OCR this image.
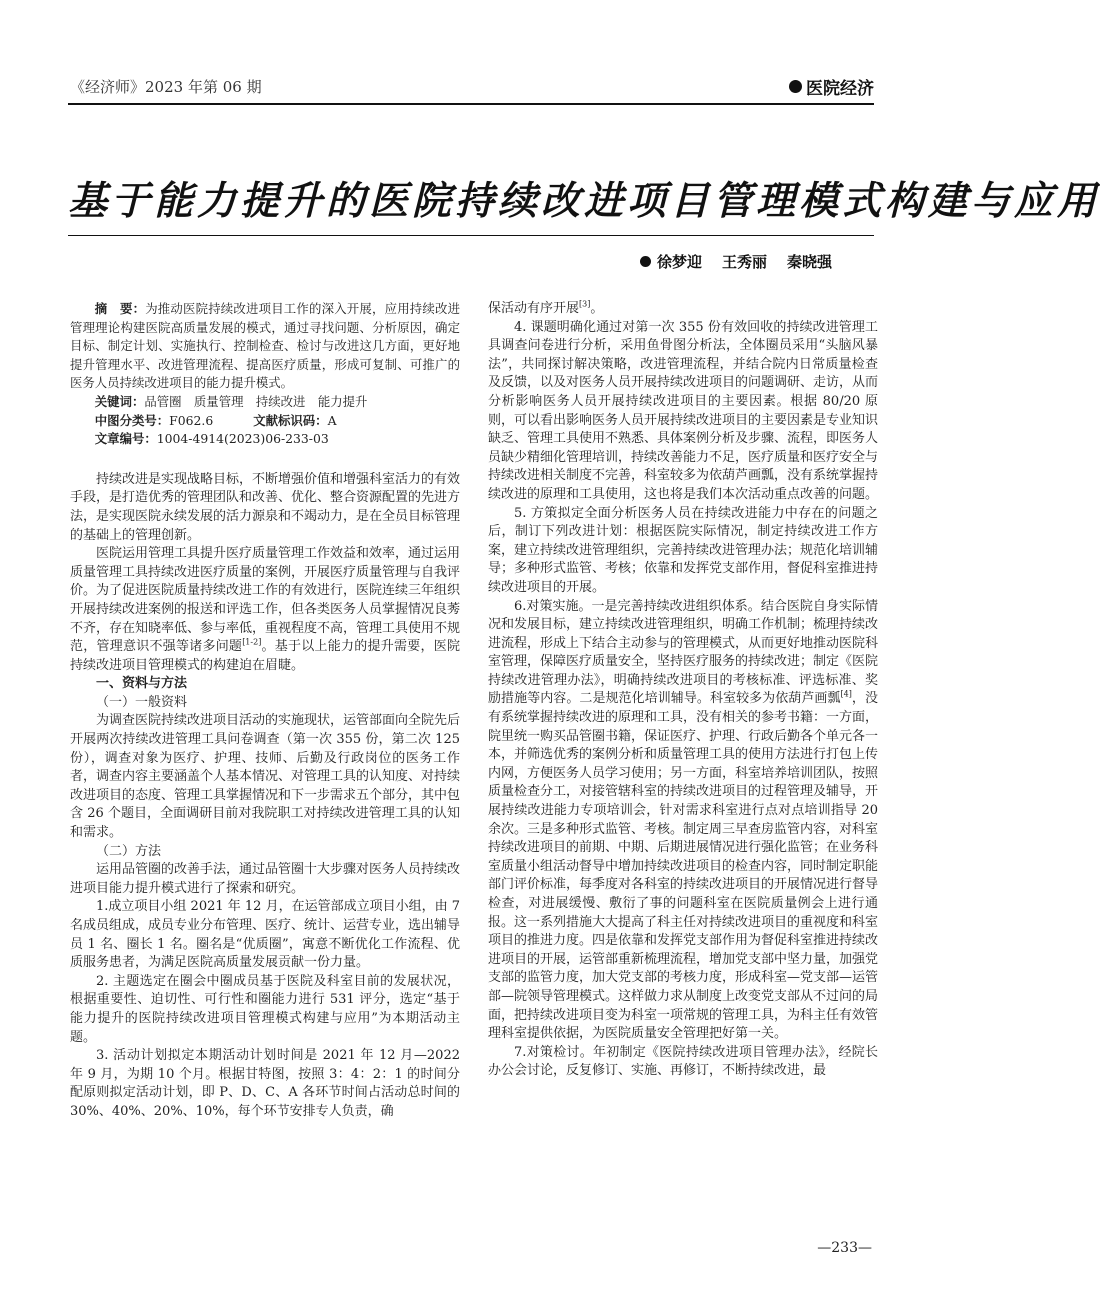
《经济师》2023 年第 06 期	医院经济
基于能力提升的医院持续改进项目管理模式构建与应用
徐梦迎 王秀丽 秦晓强

摘　要：为推动医院持续改进项目工作的深入开展，应用持续改进管理理论构建医院高质量发展的模式，通过寻找问题、分析原因，确定目标、制定计划、实施执行、控制检查、检讨与改进这几方面，更好地提升管理水平、改进管理流程、提高医疗质量，形成可复制、可推广的医务人员持续改进项目的能力提升模式。

关键词：品管圈　质量管理　持续改进　能力提升

中图分类号：F062.6	文献标识码：A

文章编号：1004-4914(2023)06-233-03

持续改进是实现战略目标，不断增强价值和增强科室活力的有效手段，是打造优秀的管理团队和改善、优化、整合资源配置的先进方法，是实现医院永续发展的活力源泉和不竭动力，是在全员目标管理的基础上的管理创新。

医院运用管理工具提升医疗质量管理工作效益和效率，通过运用质量管理工具持续改进医疗质量的案例，开展医疗质量管理与自我评价。为了促进医院质量持续改进工作的有效进行，医院连续三年组织开展持续改进案例的报送和评选工作，但各类医务人员掌握情况良莠不齐，存在知晓率低、参与率低，重视程度不高，管理工具使用不规范，管理意识不强等诸多问题[1-2]。基于以上能力的提升需要，医院持续改进项目管理模式的构建迫在眉睫。

一、资料与方法

（一）一般资料

为调查医院持续改进项目活动的实施现状，运管部面向全院先后开展两次持续改进管理工具问卷调查（第一次 355 份，第二次 125 份），调查对象为医疗、护理、技师、后勤及行政岗位的医务工作者，调查内容主要涵盖个人基本情况、对管理工具的认知度、对持续改进项目的态度、管理工具掌握情况和下一步需求五个部分，其中包含 26 个题目，全面调研目前对我院职工对持续改进管理工具的认知和需求。

（二）方法

运用品管圈的改善手法，通过品管圈十大步骤对医务人员持续改进项目能力提升模式进行了探索和研究。

1.成立项目小组 2021 年 12 月，在运管部成立项目小组，由 7 名成员组成，成员专业分布管理、医疗、统计、运营专业，选出辅导员 1 名、圈长 1 名。圈名是“优质圈”，寓意不断优化工作流程、优质服务患者，为满足医院高质量发展贡献一份力量。

2. 主题选定在圈会中圈成员基于医院及科室目前的发展状况，根据重要性、迫切性、可行性和圈能力进行 531 评分，选定“基于能力提升的医院持续改进项目管理模式构建与应用”为本期活动主题。

3. 活动计划拟定本期活动计划时间是 2021 年 12 月—2022 年 9 月，为期 10 个月。根据甘特图，按照 3：4：2：1 的时间分配原则拟定活动计划，即 P、D、C、A 各环节时间占活动总时间的 30%、40%、20%、10%，每个环节安排专人负责，确

保活动有序开展[3]。

4. 课题明确化通过对第一次 355 份有效回收的持续改进管理工具调查问卷进行分析，采用鱼骨图分析法，全体圈员采用“头脑风暴法”，共同探讨解决策略，改进管理流程，并结合院内日常质量检查及反馈，以及对医务人员开展持续改进项目的问题调研、走访，从而分析影响医务人员开展持续改进项目的主要因素。根据 80/20 原则，可以看出影响医务人员开展持续改进项目的主要因素是专业知识缺乏、管理工具使用不熟悉、具体案例分析及步骤、流程，即医务人员缺少精细化管理培训，持续改善能力不足，医疗质量和医疗安全与持续改进相关制度不完善，科室较多为依葫芦画瓢，没有系统掌握持续改进的原理和工具使用，这也将是我们本次活动重点改善的问题。

5. 方策拟定全面分析医务人员在持续改进能力中存在的问题之后，制订下列改进计划：根据医院实际情况，制定持续改进工作方案，建立持续改进管理组织，完善持续改进管理办法；规范化培训辅导；多种形式监管、考核；依靠和发挥党支部作用，督促科室推进持续改进项目的开展。

6.对策实施。一是完善持续改进组织体系。结合医院自身实际情况和发展目标，建立持续改进管理组织，明确工作机制；梳理持续改进流程，形成上下结合主动参与的管理模式，从而更好地推动医院科室管理，保障医疗质量安全，坚持医疗服务的持续改进；制定《医院持续改进管理办法》，明确持续改进项目的考核标准、评选标准、奖励措施等内容。二是规范化培训辅导。科室较多为依葫芦画瓢[4]，没有系统掌握持续改进的原理和工具，没有相关的参考书籍：一方面，院里统一购买品管圈书籍，保证医疗、护理、行政后勤各个单元各一本，并筛选优秀的案例分析和质量管理工具的使用方法进行打包上传内网，方便医务人员学习使用；另一方面，科室培养培训团队，按照质量检查分工，对接管辖科室的持续改进项目的过程管理及辅导，开展持续改进能力专项培训会，针对需求科室进行点对点培训指导 20 余次。三是多种形式监管、考核。制定周三早查房监管内容，对科室持续改进项目的前期、中期、后期进展情况进行强化监管；在业务科室质量小组活动督导中增加持续改进项目的检查内容，同时制定职能部门评价标准，每季度对各科室的持续改进项目的开展情况进行督导检查，对进展缓慢、敷衍了事的问题科室在医院质量例会上进行通报。这一系列措施大大提高了科主任对持续改进项目的重视度和科室项目的推进力度。四是依靠和发挥党支部作用为督促科室推进持续改进项目的开展，运管部重新梳理流程，增加党支部中坚力量，加强党支部的监管力度，加大党支部的考核力度，形成科室—党支部—运管部—院领导管理模式。这样做力求从制度上改变党支部从不过问的局面，把持续改进项目变为科室一项常规的管理工具，为科主任有效管理科室提供依据，为医院质量安全管理把好第一关。

7.对策检讨。年初制定《医院持续改进项目管理办法》，经院长办公会讨论，反复修订、实施、再修订，不断持续改进，最

—233—
